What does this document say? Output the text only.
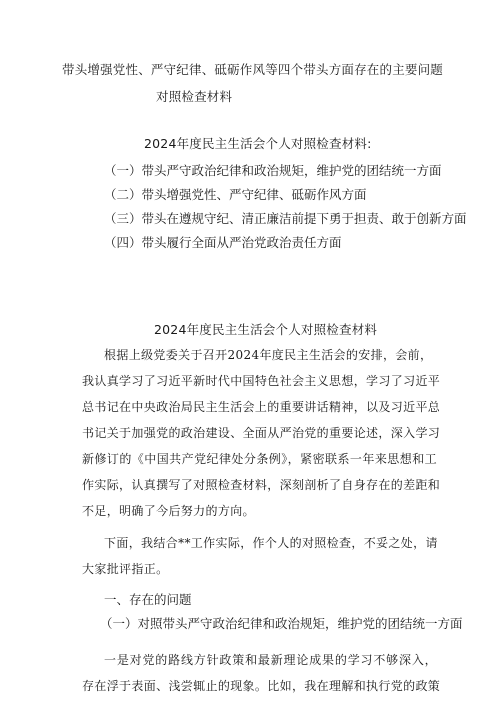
带头增强党性、严守纪律、砥砺作风等四个带头方面存在的主要问题
对照检查材料
2024年度民主生活会个人对照检查材料:
（一）带头严守政治纪律和政治规矩，维护党的团结统一方面
（二）带头增强党性、严守纪律、砥砺作风方面
（三）带头在遵规守纪、清正廉洁前提下勇于担责、敢于创新方面
（四）带头履行全面从严治党政治责任方面
2024年度民主生活会个人对照检查材料
根据上级党委关于召开2024年度民主生活会的安排，会前，
我认真学习了习近平新时代中国特色社会主义思想，学习了习近平
总书记在中央政治局民主生活会上的重要讲话精神，以及习近平总
书记关于加强党的政治建设、全面从严治党的重要论述，深入学习
新修订的《中国共产党纪律处分条例》，紧密联系一年来思想和工
作实际，认真撰写了对照检查材料，深刻剖析了自身存在的差距和
不足，明确了今后努力的方向。
下面，我结合**工作实际，作个人的对照检查，不妥之处，请
大家批评指正。
一、存在的问题
（一）对照带头严守政治纪律和政治规矩，维护党的团结统一方面
一是对党的路线方针政策和最新理论成果的学习不够深入，
存在浮于表面、浅尝辄止的现象。比如，我在理解和执行党的政策
